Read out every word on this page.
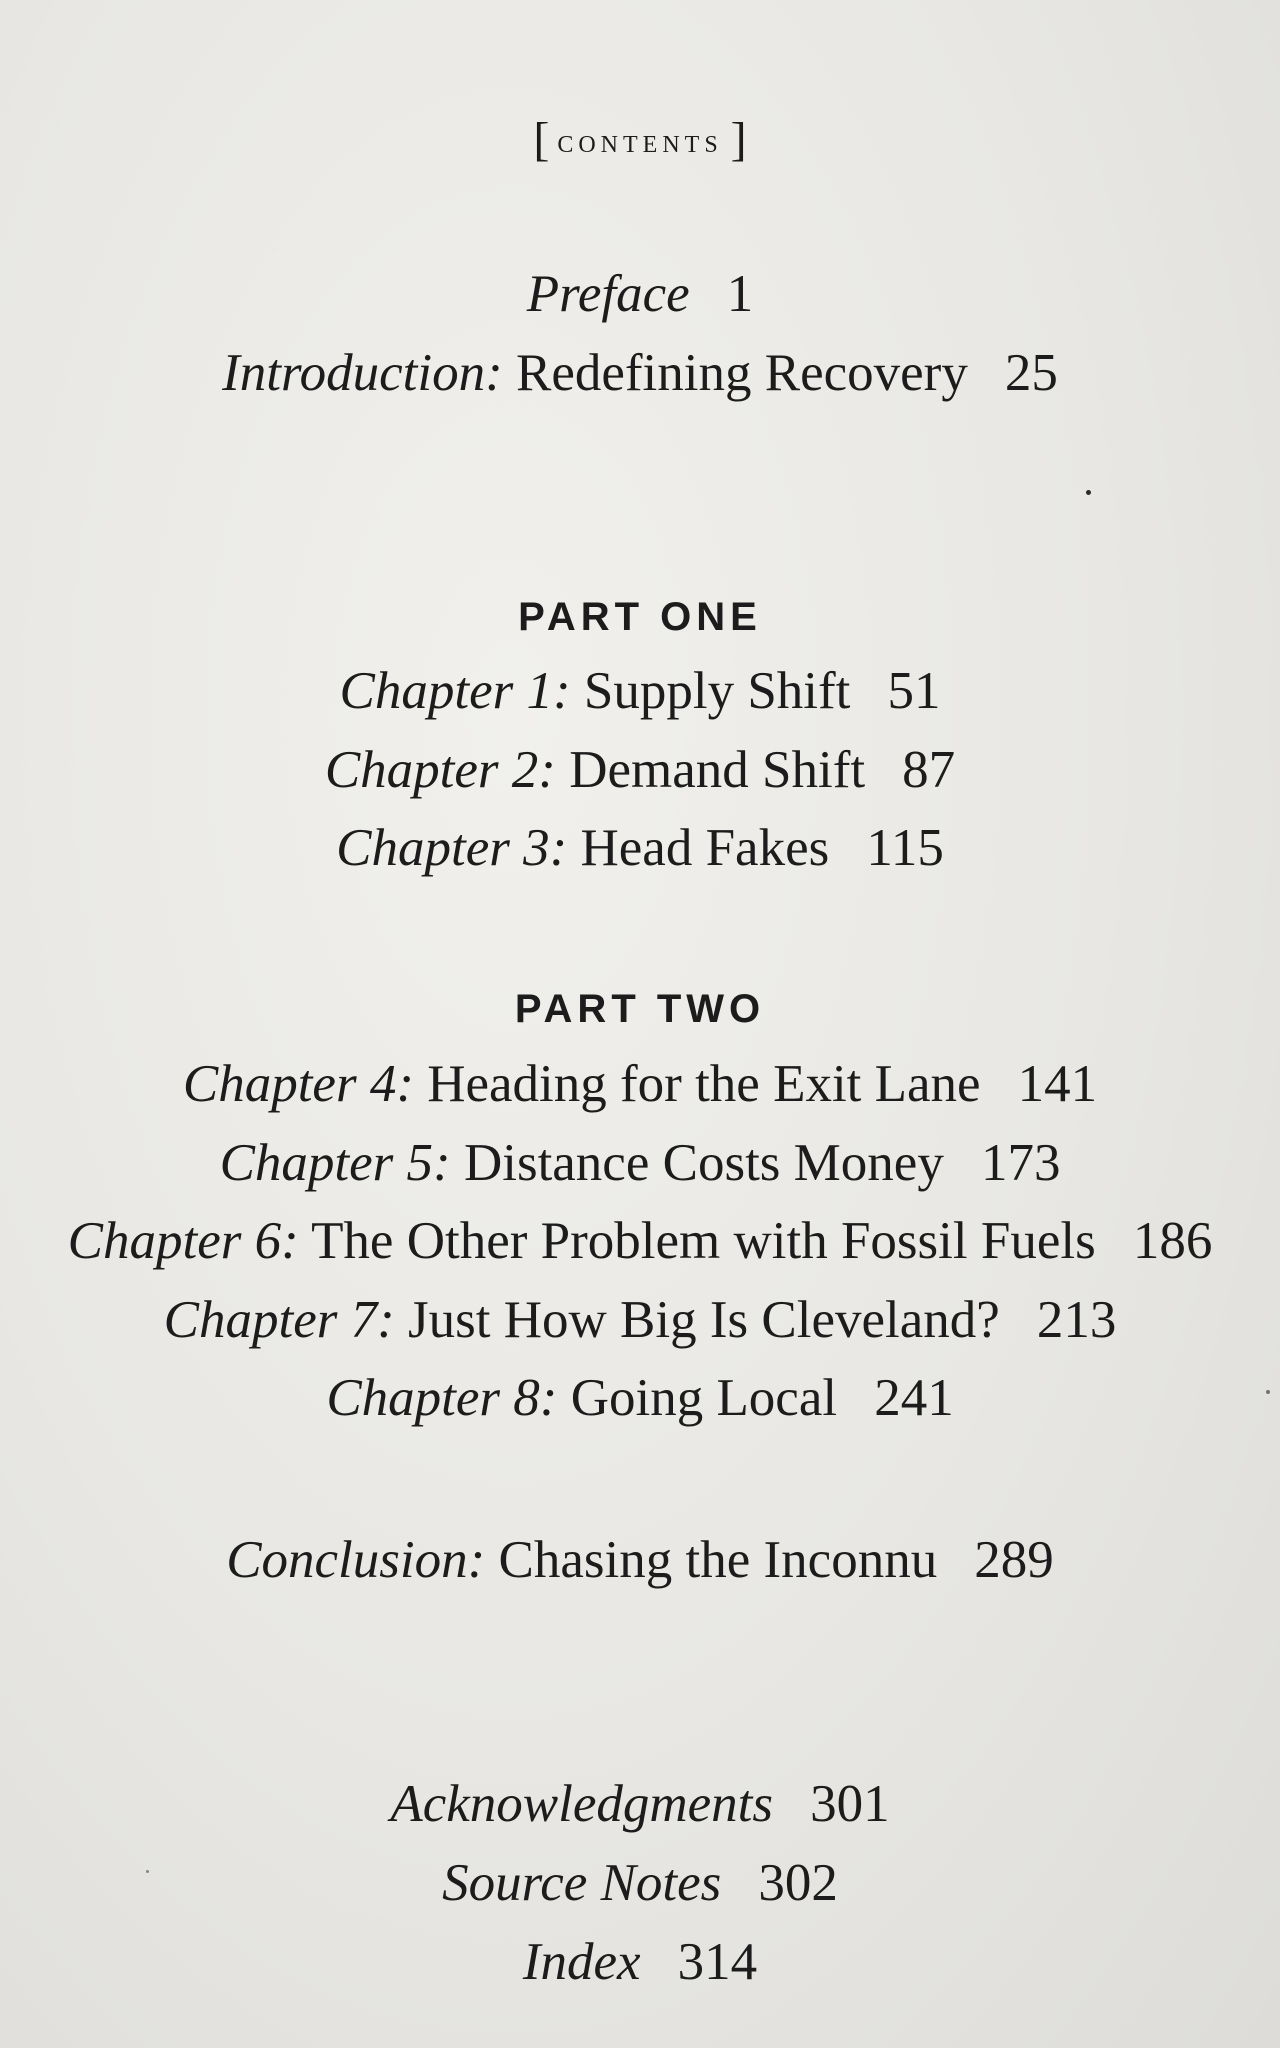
[ contents ]
Preface 1
Introduction: Redefining Recovery 25
PART ONE
Chapter 1: Supply Shift 51
Chapter 2: Demand Shift 87
Chapter 3: Head Fakes 115
PART TWO
Chapter 4: Heading for the Exit Lane 141
Chapter 5: Distance Costs Money 173
Chapter 6: The Other Problem with Fossil Fuels 186
Chapter 7: Just How Big Is Cleveland? 213
Chapter 8: Going Local 241
Conclusion: Chasing the Inconnu 289
Acknowledgments 301
Source Notes 302
Index 314
